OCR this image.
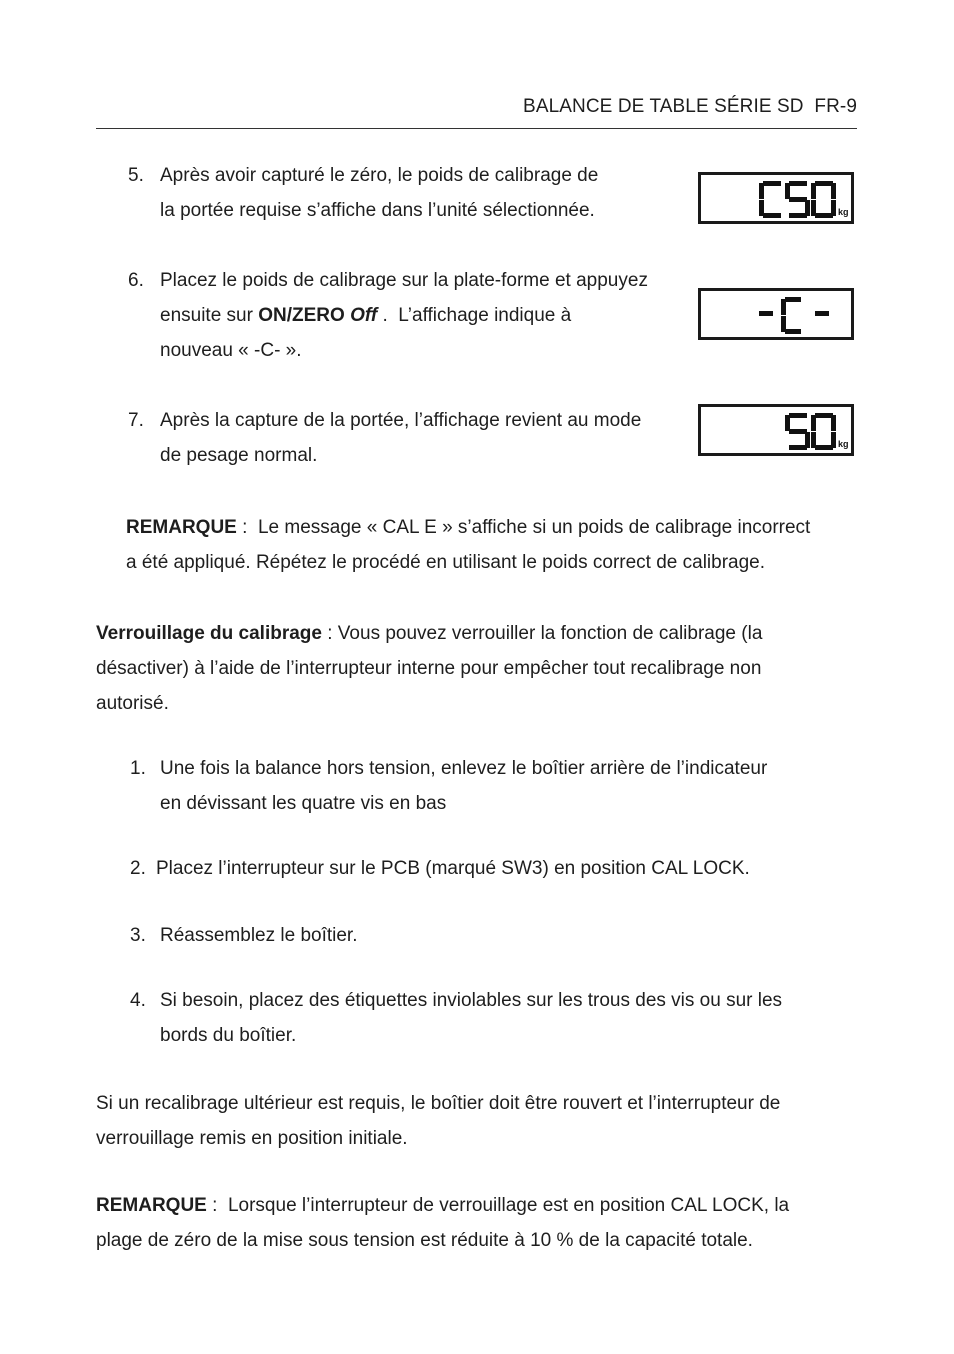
BALANCE DE TABLE SÉRIE SD  FR-9
5. Après avoir capturé le zéro, le poids de calibrage de
la portée requise s’affiche dans l’unité sélectionnée.
6. Placez le poids de calibrage sur la plate-forme et appuyez
ensuite sur ON/ZERO Off .  L’affichage indique à
nouveau « -C- ».
7. Après la capture de la portée, l’affichage revient au mode
de pesage normal.
kg
kg
REMARQUE :  Le message « CAL E » s’affiche si un poids de calibrage incorrect
a été appliqué. Répétez le procédé en utilisant le poids correct de calibrage.
Verrouillage du calibrage : Vous pouvez verrouiller la fonction de calibrage (la
désactiver) à l’aide de l’interrupteur interne pour empêcher tout recalibrage non
autorisé.
1. Une fois la balance hors tension, enlevez le boîtier arrière de l’indicateur
en dévissant les quatre vis en bas
2. Placez l’interrupteur sur le PCB (marqué SW3) en position CAL LOCK.
3. Réassemblez le boîtier.
4. Si besoin, placez des étiquettes inviolables sur les trous des vis ou sur les
bords du boîtier.
Si un recalibrage ultérieur est requis, le boîtier doit être rouvert et l’interrupteur de
verrouillage remis en position initiale.
REMARQUE :  Lorsque l’interrupteur de verrouillage est en position CAL LOCK, la
plage de zéro de la mise sous tension est réduite à 10 % de la capacité totale.
